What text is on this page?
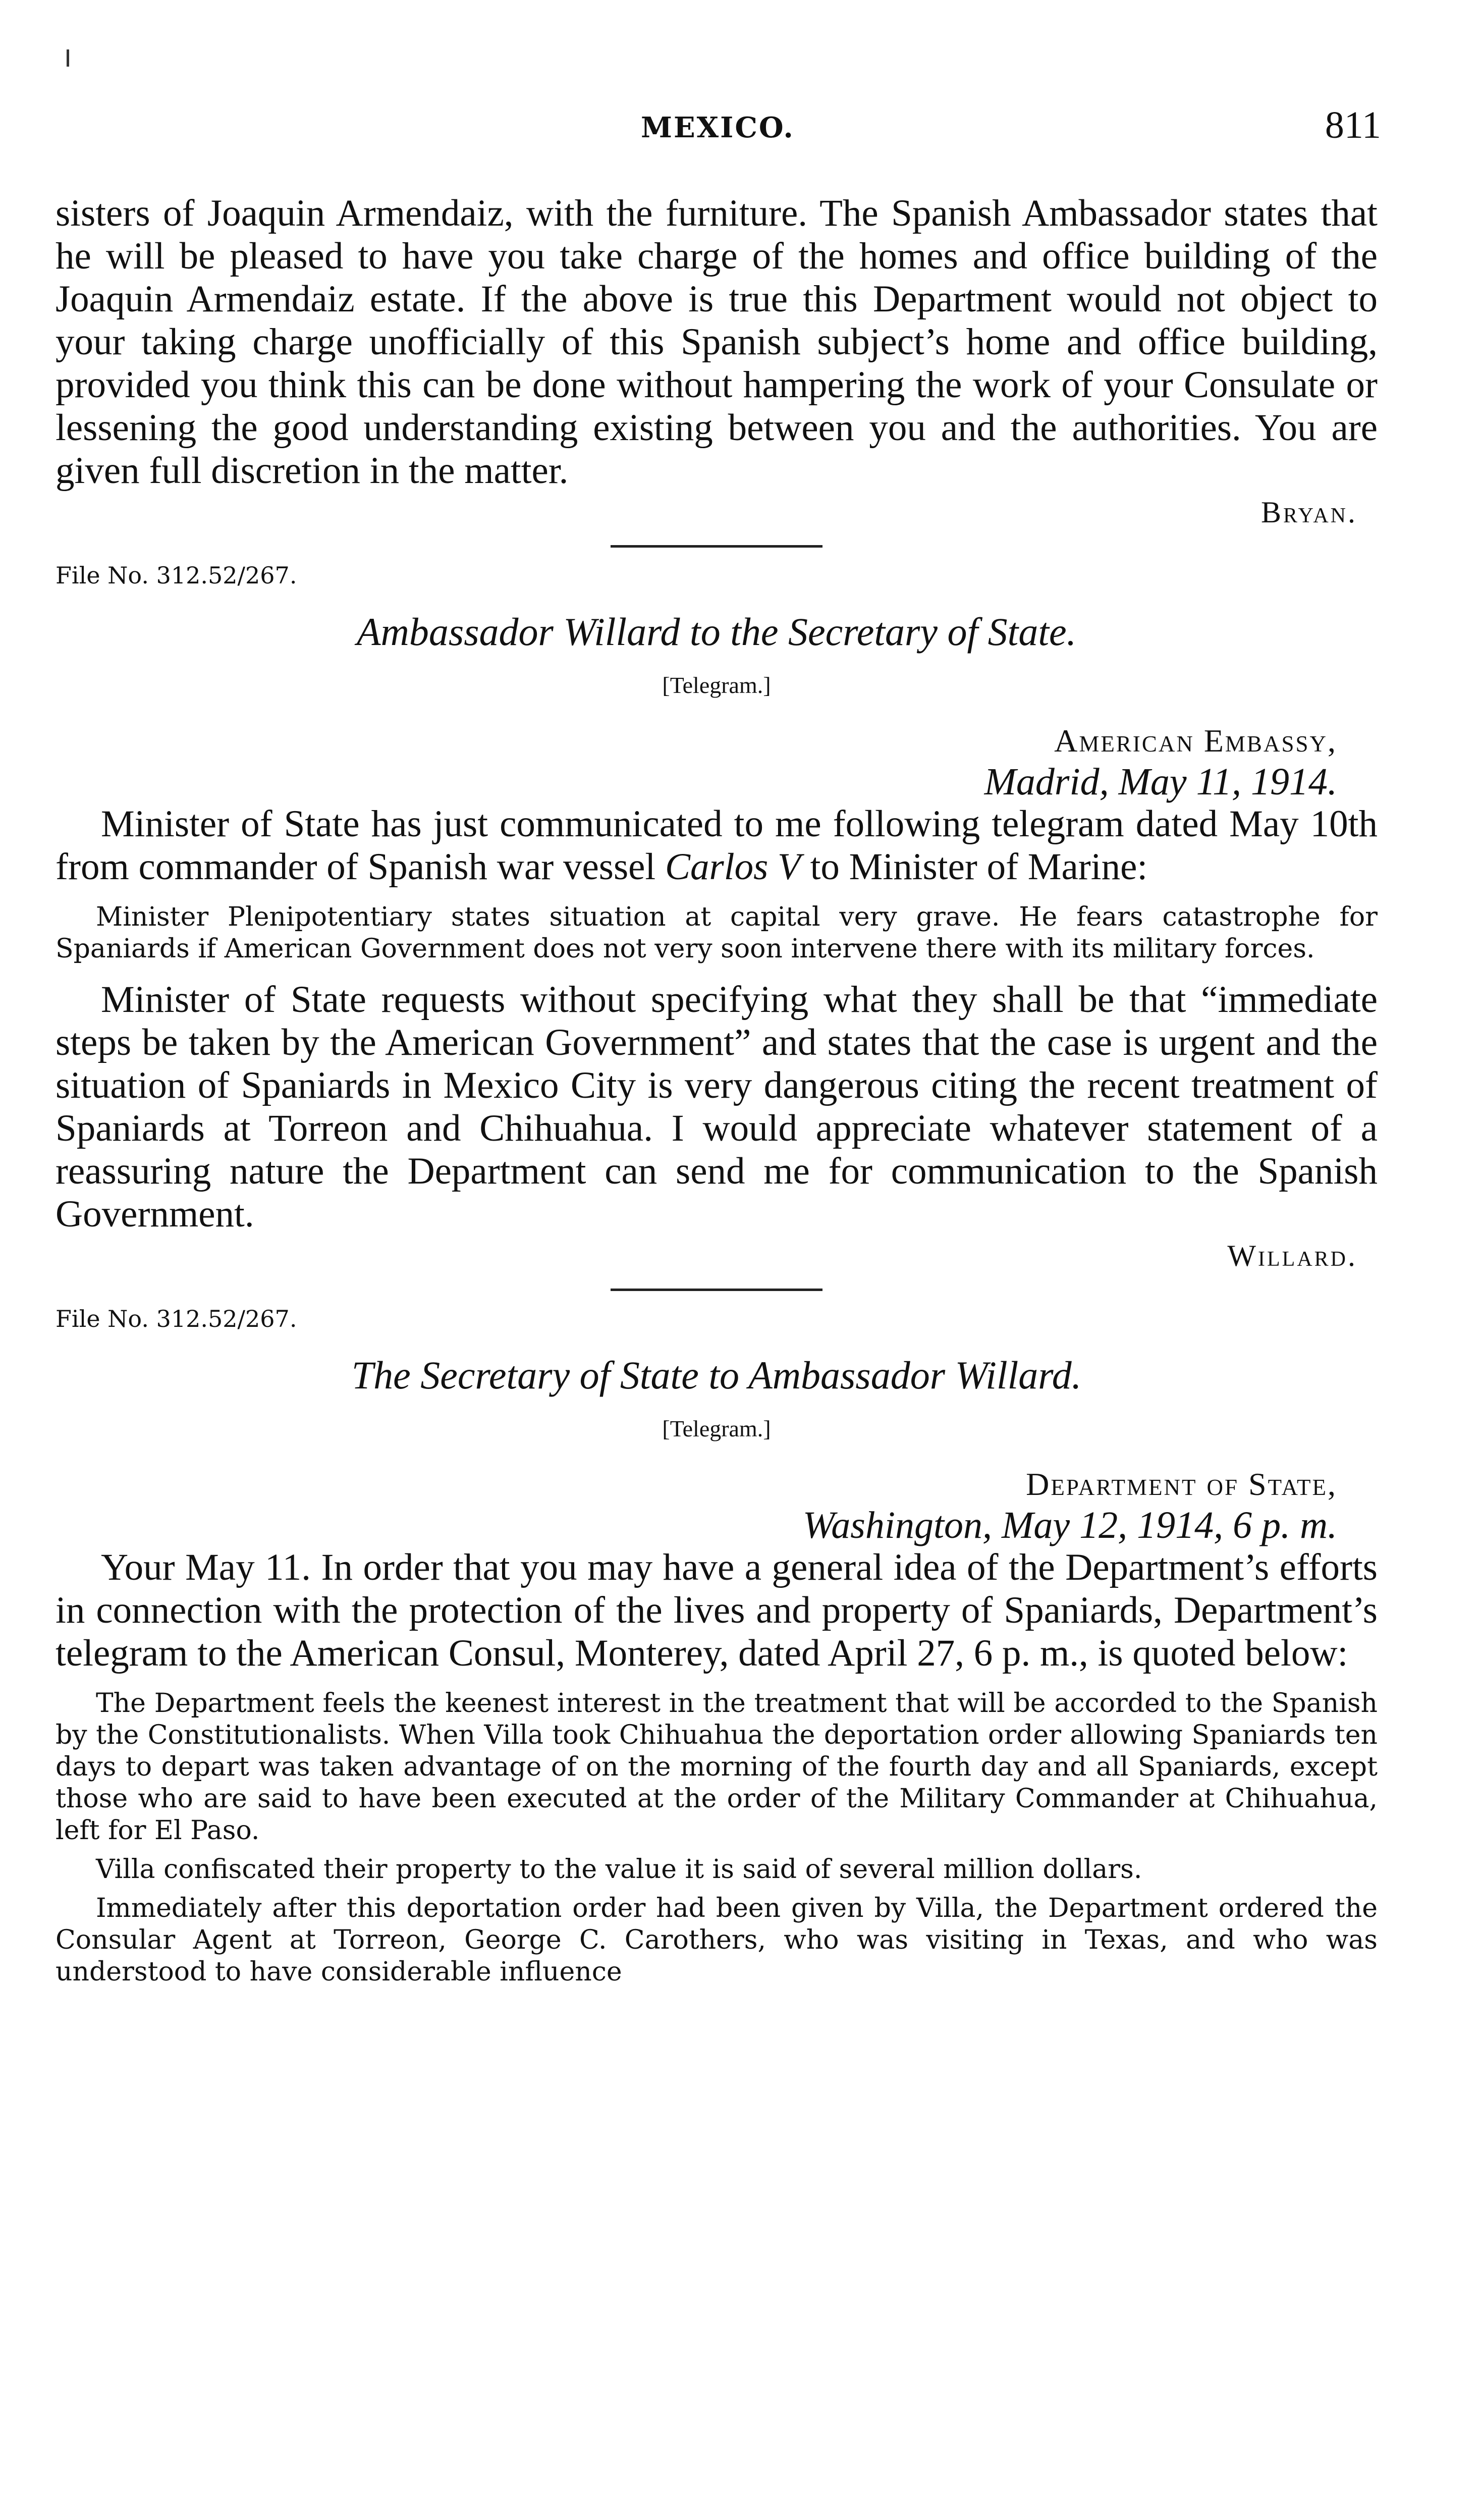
MEXICO.	811

sisters of Joaquin Armendaiz, with the furniture. The Spanish Ambassador states that he will be pleased to have you take charge of the homes and office building of the Joaquin Armendaiz estate. If the above is true this Department would not object to your taking charge unofficially of this Spanish subject’s home and office building, provided you think this can be done without hampering the work of your Consulate or lessening the good understanding existing between you and the authorities. You are given full discretion in the matter.

Bryan.
File No. 312.52/267.
Ambassador Willard to the Secretary of State.
[Telegram.]
American Embassy,
Madrid, May 11, 1914.

Minister of State has just communicated to me following telegram dated May 10th from commander of Spanish war vessel Carlos V to Minister of Marine:

Minister Plenipotentiary states situation at capital very grave. He fears catastrophe for Spaniards if American Government does not very soon intervene there with its military forces.

Minister of State requests without specifying what they shall be that “immediate steps be taken by the American Government” and states that the case is urgent and the situation of Spaniards in Mexico City is very dangerous citing the recent treatment of Spaniards at Torreon and Chihuahua. I would appreciate whatever statement of a reassuring nature the Department can send me for communication to the Spanish Government.

Willard.
File No. 312.52/267.
The Secretary of State to Ambassador Willard.
[Telegram.]
Department of State,
Washington, May 12, 1914, 6 p. m.

Your May 11. In order that you may have a general idea of the Department’s efforts in connection with the protection of the lives and property of Spaniards, Department’s telegram to the American Consul, Monterey, dated April 27, 6 p. m., is quoted below:

The Department feels the keenest interest in the treatment that will be accorded to the Spanish by the Constitutionalists. When Villa took Chihuahua the deportation order allowing Spaniards ten days to depart was taken advantage of on the morning of the fourth day and all Spaniards, except those who are said to have been executed at the order of the Military Commander at Chihuahua, left for El Paso.

Villa confiscated their property to the value it is said of several million dollars.

Immediately after this deportation order had been given by Villa, the Department ordered the Consular Agent at Torreon, George C. Carothers, who was visiting in Texas, and who was understood to have considerable influence
